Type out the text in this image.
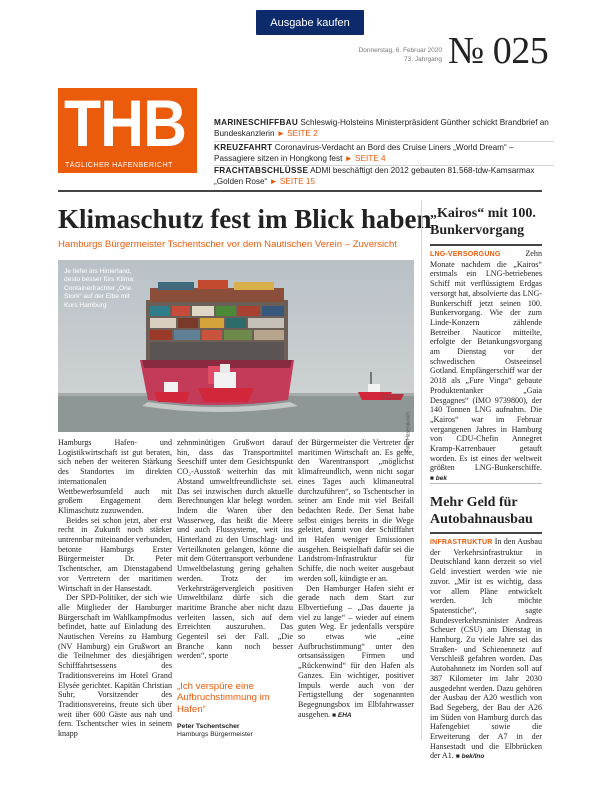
Ausgabe kaufen
Donnerstag, 6. Februar 2020
73. Jahrgang № 025
THB
TÄGLICHER HAFENBERICHT
MARINESCHIFFBAU Schleswig-Holsteins Ministerpräsident Günther schickt Brandbrief an Bundeskanzlerin ► SEITE 2
KREUZFAHRT Coronavirus-Verdacht an Bord des Cruise Liners „World Dream“ – Passagiere sitzen in Hongkong fest ► SEITE 4
FRACHTABSCHLÜSSE ADMI beschäftigt den 2012 gebauten 81.568-tdw-Kamsarmax „Golden Rose“ ► SEITE 15
Klimaschutz fest im Blick haben
Hamburgs Bürgermeister Tschentscher vor dem Nautischen Verein – Zuversicht
Je tiefer ins Hinterland, desto besser fürs Klima: Containerfrachter „One Stork“ auf der Elbe mit Kurs Hamburg
Foto: Hasenpusch

Hamburgs Hafen- und Logistikwirtschaft ist gut beraten, sich neben der weiteren Stärkung des Standortes im direkten internationalen Wettbewerbsumfeld auch mit großem Engagement dem Klimaschutz zuzuwenden.

Beides sei schon jetzt, aber erst recht in Zukunft noch stärker untrennbar miteinander verbunden, betonte Hamburgs Erster Bürgermeister Dr. Peter Tschentscher, am Dienstagabend vor Vertretern der maritimen Wirtschaft in der Hansestadt.

Der SPD-Politiker, der sich wie alle Mitglieder der Hamburger Bürgerschaft im Wahlkampfmodus befindet, hatte auf Einladung des Nautischen Vereins zu Hamburg (NV Hamburg) ein Grußwort an die Teilnehmer des diesjährigen Schifffahrtsessens des Traditionsvereins im Hotel Grand Elysée gerichtet. Kapitän Christian Suhr, Vorsitzender des Traditionsvereins, freute sich über weit über 600 Gäste aus nah und fern. Tschentscher wies in seinem knapp

zehnminütigen Grußwort darauf hin, dass das Transportmittel Seeschiff unter dem Gesichtspunkt CO₂-Ausstoß weiterhin das mit Abstand umweltfreundlichste sei. Das sei inzwischen durch aktuelle Berechnungen klar belegt worden. Indem die Waren über den Wasserweg, das heißt die Meere und auch Flussysteme, weit ins Hinterland zu den Umschlag- und Verteilknoten gelangen, könne die mit dem Gütertransport verbundene Umweltbelastung gering gehalten werden. Trotz der im Verkehrsträgervergleich positiven Umweltbilanz dürfe sich die maritime Branche aber nicht dazu verleiten lassen, sich auf dem Erreichten auszuruhen. Das Gegenteil sei der Fall. „Die Branche kann noch besser werden“, sporte

„Ich verspüre eine Aufbruchstimmung im Hafen“
Peter Tschentscher
Hamburgs Bürgermeister

der Bürgermeister die Vertreter der maritimen Wirtschaft an. Es gelte, den Warentransport „möglichst klimafreundlich, wenn nicht sogar eines Tages auch klimaneutral durchzuführen“, so Tschentscher in seiner am Ende mit viel Beifall bedachten Rede. Der Senat habe selbst einiges bereits in die Wege geleitet, damit von der Schifffahrt im Hafen weniger Emissionen ausgehen. Beispielhaft dafür sei die Landstrom-Infrastruktur für Schiffe, die noch weiter ausgebaut werden soll, kündigte er an.

Den Hamburger Hafen sieht er gerade nach dem Start zur Elbvertiefung – „Das dauerte ja viel zu lange“ – wieder auf einem guten Weg. Er jedenfalls verspüre so etwas wie „eine Aufbruchstimmung“ unter den ortsansässigen Firmen und „Rückenwind“ für den Hafen als Ganzes. Ein wichtiger, positiver Impuls werde auch von der Fertigstellung der sogenannten Begegnungsbox im Elbfahrwasser ausgehen. ■ EHA

„Kairos“ mit 100. Bunkervorgang
LNG-VERSORGUNG	Zehn Monate nachdem die „Kairos“ erstmals ein LNG-betriebenes Schiff mit verflüssigtem Erdgas versorgt hat, absolvierte das LNG-Bunkerschiff jetzt seinen 100. Bunkervorgang. Wie der zum Linde-Konzern zählende Betreiber Nauticor mitteilte, erfolgte der Betankungsvorgang am Dienstag vor der schwedischen Ostseeinsel Gotland. Empfängerschiff war der 2018 als „Fure Vinga“ gebaute Produktentanker „Gaia Desgagnes“ (IMO 9739800), der 140 Tonnen LNG aufnahm. Die „Kairos“ war im Februar vergangenen Jahres in Hamburg von CDU-Chefin Annegret Kramp-Karrenbauer getauft worden. Es ist eines der weltweit größten LNG-Bunkerschiffe. ■ bek
Mehr Geld für Autobahnausbau
INFRASTRUKTUR In den Ausbau der Verkehrsinfrastruktur in Deutschland kann derzeit so viel Geld investiert werden wie nie zuvor. „Mir ist es wichtig, dass vor allem Pläne entwickelt werden. Ich möchte Spatenstiche“, sagte Bundesverkehrsminister Andreas Scheuer (CSU) am Dienstag in Hamburg. Zu viele Jahre sei das Straßen- und Schienennetz auf Verschleiß gefahren worden. Das Autobahnnetz im Norden soll auf 387 Kilometer im Jahr 2030 ausgedehnt werden. Dazu gehören der Ausbau der A20 westlich von Bad Segeberg, der Bau der A26 im Süden von Hamburg durch das Hafengebiet sowie die Erweiterung der A7 in der Hansestadt und die Elbbrücken der A1. ■ bek/lno
